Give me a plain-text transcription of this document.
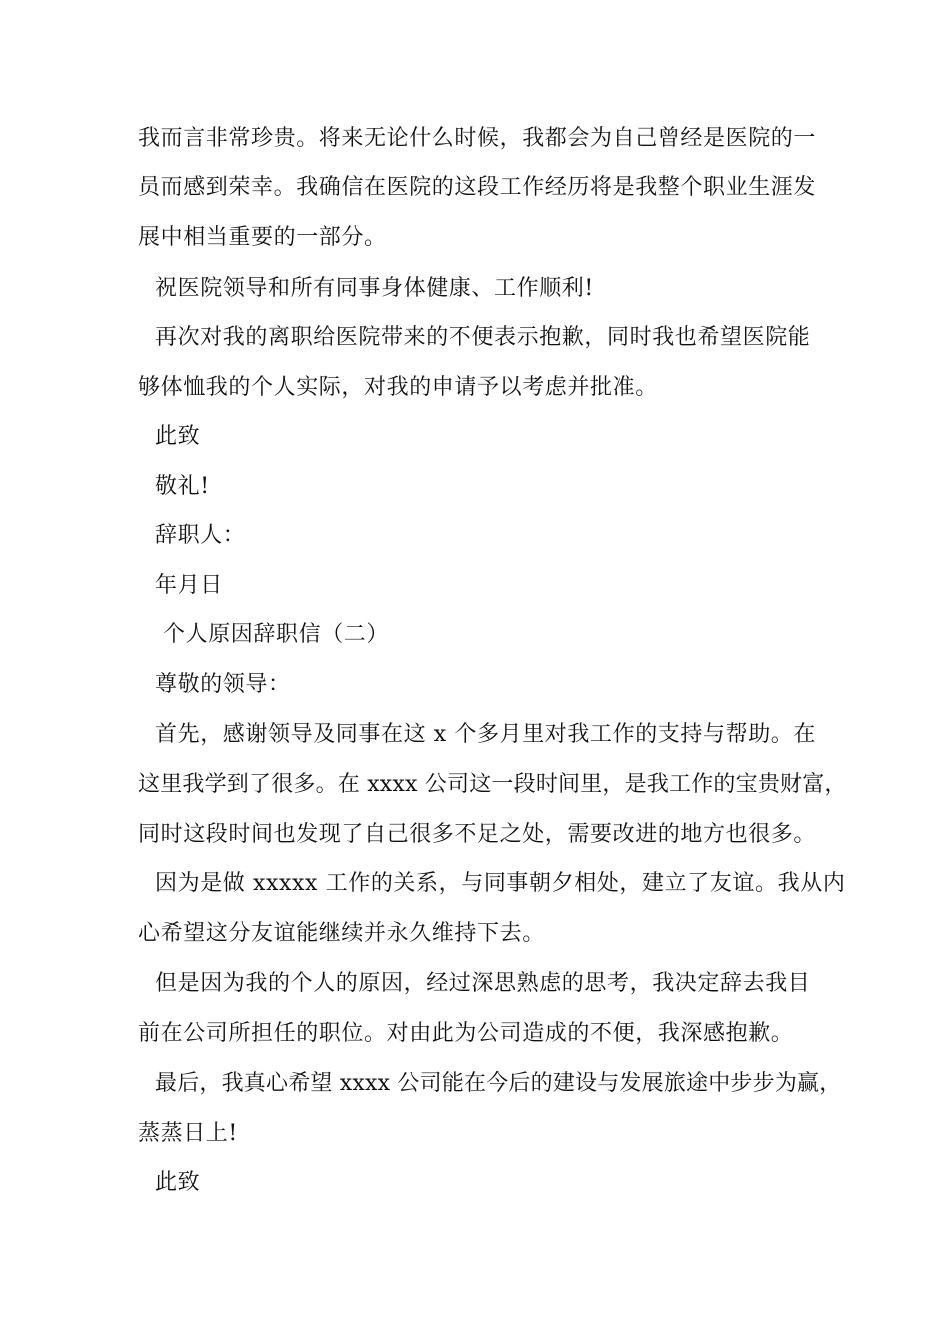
我而言非常珍贵。将来无论什么时候，我都会为自己曾经是医院的一
员而感到荣幸。我确信在医院的这段工作经历将是我整个职业生涯发
展中相当重要的一部分。
祝医院领导和所有同事身体健康、工作顺利!
再次对我的离职给医院带来的不便表示抱歉，同时我也希望医院能
够体恤我的个人实际，对我的申请予以考虑并批准。
此致
敬礼!
辞职人：
年月日
个人原因辞职信（二）
尊敬的领导：
首先，感谢领导及同事在这 x 个多月里对我工作的支持与帮助。在
这里我学到了很多。在 xxxx 公司这一段时间里，是我工作的宝贵财富，
同时这段时间也发现了自己很多不足之处，需要改进的地方也很多。
因为是做 xxxxx 工作的关系，与同事朝夕相处，建立了友谊。我从内
心希望这分友谊能继续并永久维持下去。
但是因为我的个人的原因，经过深思熟虑的思考，我决定辞去我目
前在公司所担任的职位。对由此为公司造成的不便，我深感抱歉。
最后，我真心希望 xxxx 公司能在今后的建设与发展旅途中步步为赢，
蒸蒸日上!
此致
